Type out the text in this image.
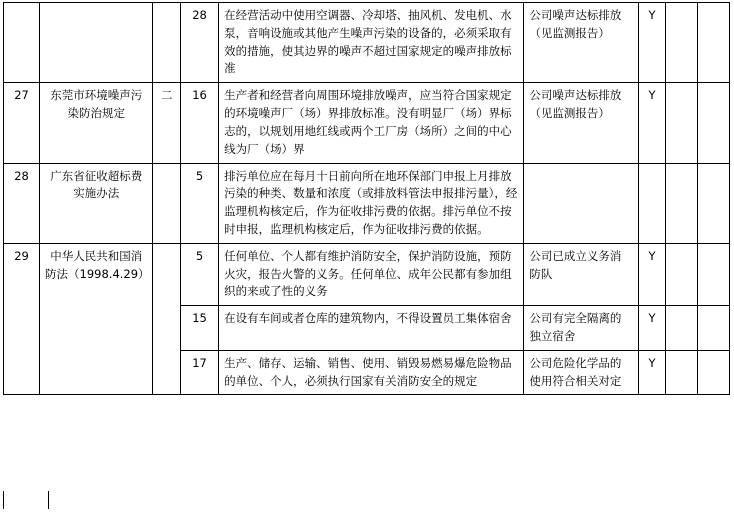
			28	在经营活动中使用空调器、冷却塔、抽风机、发电机、水泵，音响设施或其他产生噪声污染的设备的，必须采取有效的措施，使其边界的噪声不超过国家规定的噪声排放标准	公司噪声达标排放（见监测报告）	Y		
27	东莞市环境噪声污染防治规定	二	16	生产者和经营者向周围环境排放噪声，应当符合国家规定的环境噪声厂（场）界排放标准。没有明显厂（场）界标志的，以规划用地红线或两个工厂房（场所）之间的中心线为厂（场）界	公司噪声达标排放（见监测报告）	Y		
28	广东省征收超标费实施办法		5	排污单位应在每月十日前向所在地环保部门申报上月排放污染的种类、数量和浓度（或排放料管法申报排污量），经监理机构核定后，作为征收排污费的依据。排污单位不按时申报，监理机构核定后，作为征收排污费的依据。				
29	中华人民共和国消防法（1998.4.29）		5	任何单位、个人都有维护消防安全，保护消防设施，预防火灾，报告火警的义务。任何单位、成年公民都有参加组织的来或了性的义务	公司已成立义务消防队	Y		
			15	在设有车间或者仓库的建筑物内，不得设置员工集体宿舍	公司有完全隔离的独立宿舍	Y		
			17	生产、储存、运输、销售、使用、销毁易燃易爆危险物品的单位、个人，必须执行国家有关消防安全的规定	公司危险化学品的使用符合相关对定	Y		
